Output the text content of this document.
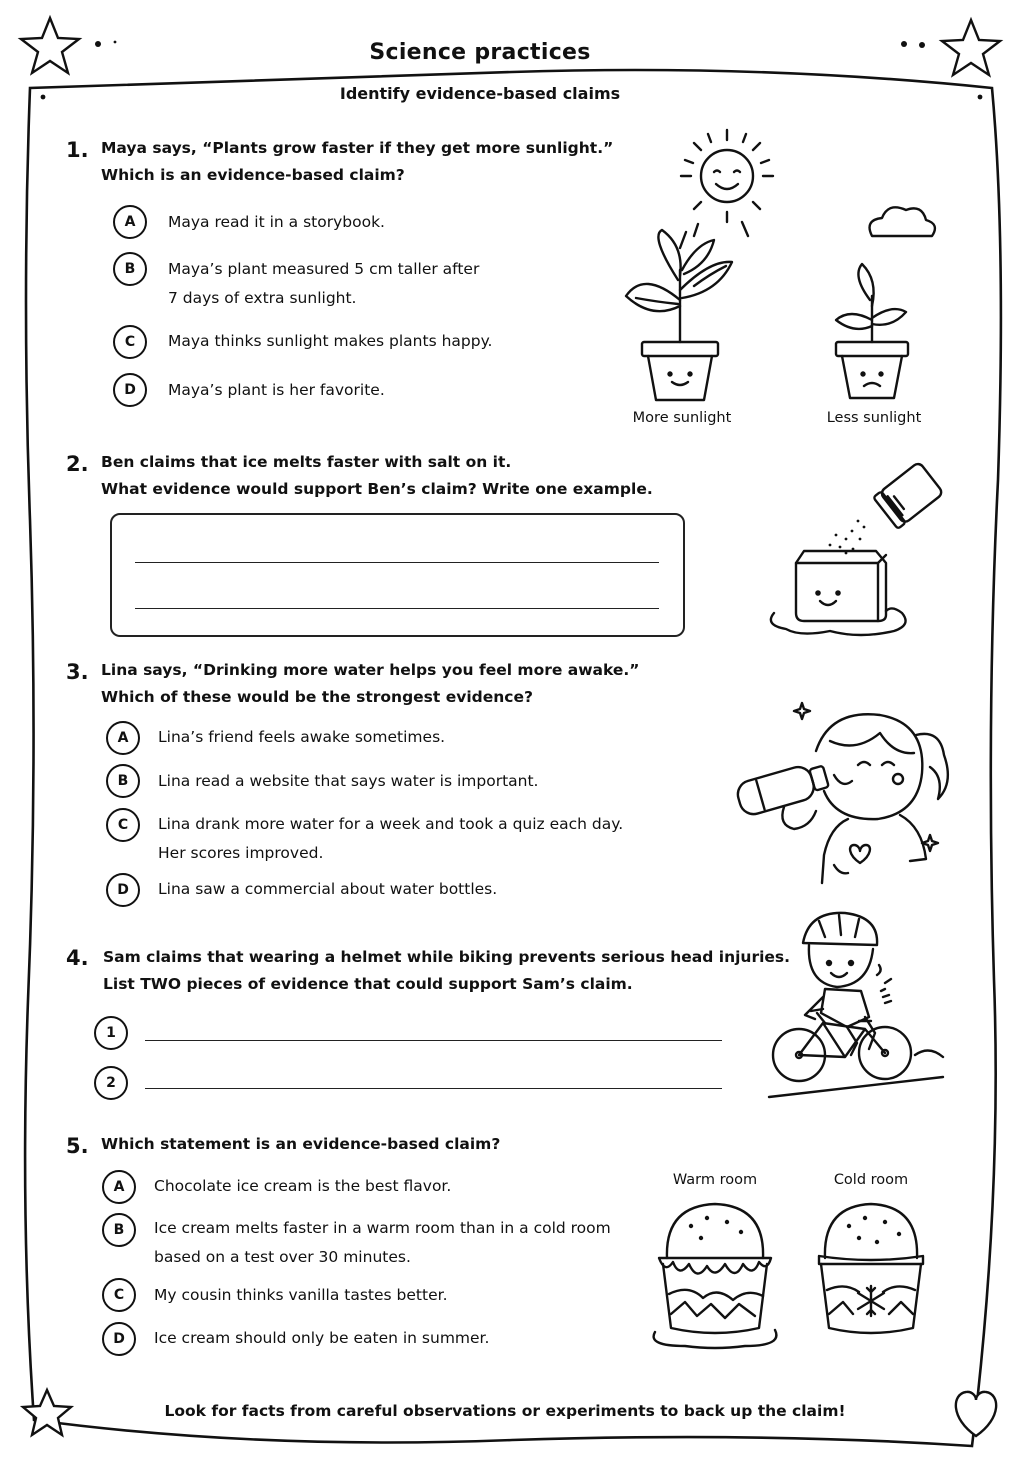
Science practices
Identify evidence-based claims
1. Maya says, “Plants grow faster if they get more sunlight.”
Which is an evidence-based claim?
A	Maya read it in a storybook.
B	Maya’s plant measured 5 cm taller after
7 days of extra sunlight.
C	Maya thinks sunlight makes plants happy.
D	Maya’s plant is her favorite.
More sunlight	Less sunlight
2. Ben claims that ice melts faster with salt on it.
What evidence would support Ben’s claim? Write one example.
3. Lina says, “Drinking more water helps you feel more awake.”
Which of these would be the strongest evidence?
A	Lina’s friend feels awake sometimes.
B	Lina read a website that says water is important.
C	Lina drank more water for a week and took a quiz each day.
Her scores improved.
D	Lina saw a commercial about water bottles.
4. Sam claims that wearing a helmet while biking prevents serious head injuries.
List TWO pieces of evidence that could support Sam’s claim.
1
2
5. Which statement is an evidence-based claim?
A	Chocolate ice cream is the best flavor.
B	Ice cream melts faster in a warm room than in a cold room
based on a test over 30 minutes.
C	My cousin thinks vanilla tastes better.
D	Ice cream should only be eaten in summer.
Warm room	Cold room
Look for facts from careful observations or experiments to back up the claim!
